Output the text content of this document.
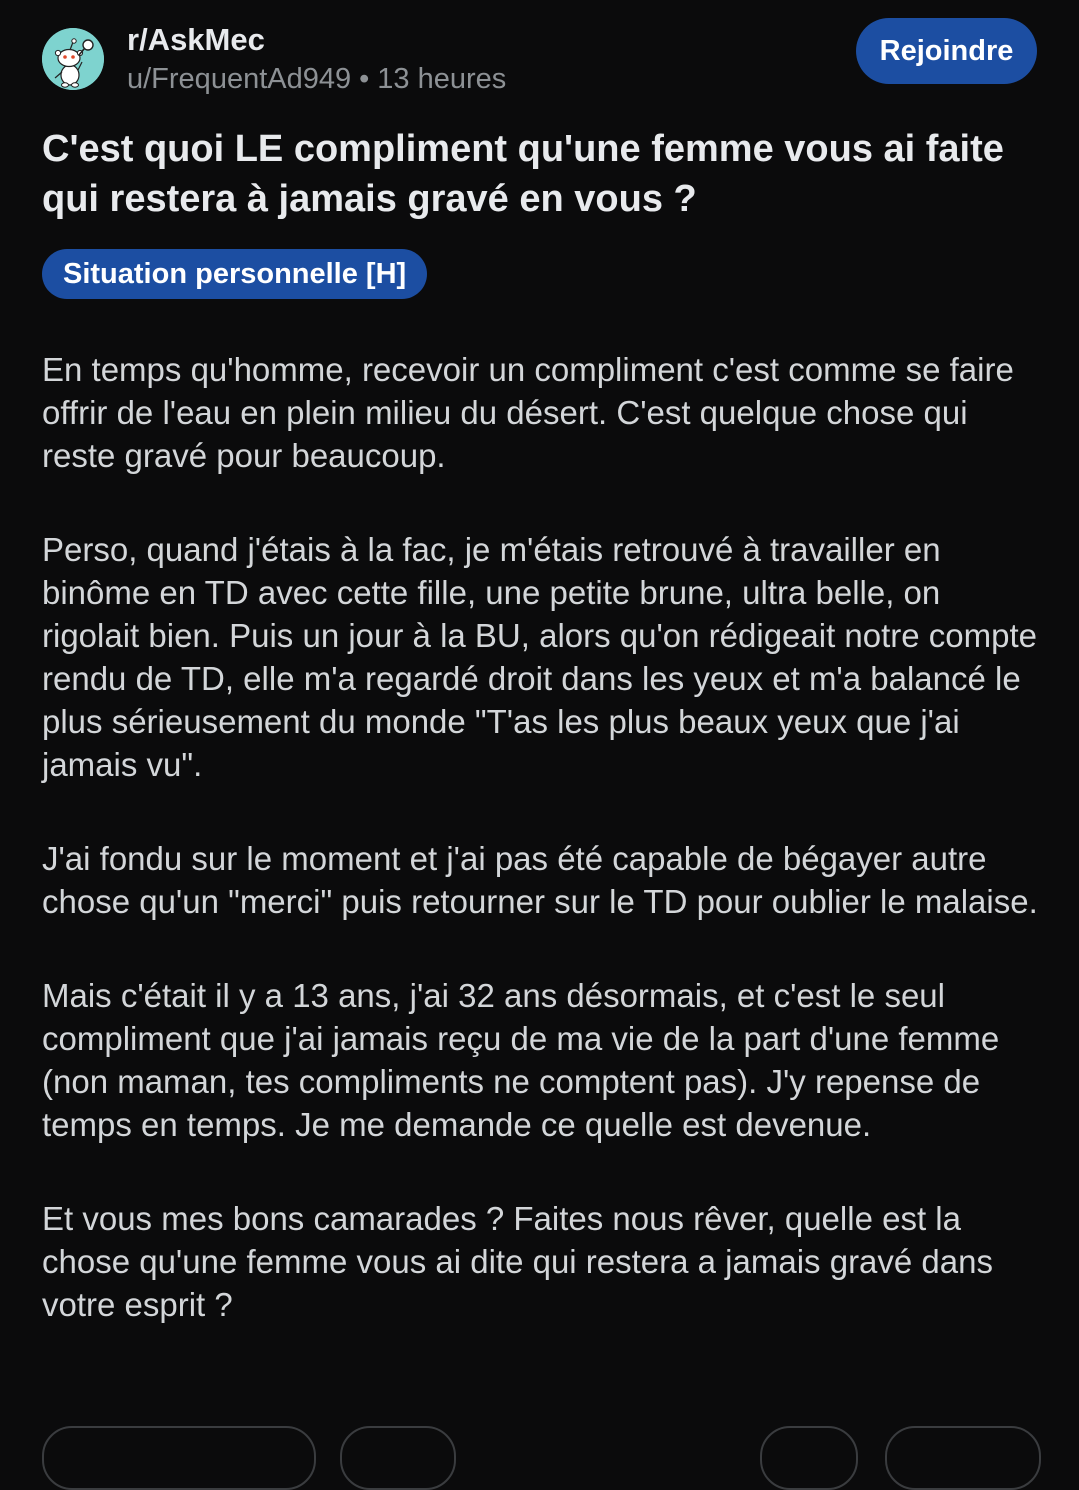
r/AskMec
u/FrequentAd949 • 13 heures
Rejoindre
C'est quoi LE compliment qu'une femme vous ai faite qui restera à jamais gravé en vous ?
Situation personnelle [H]

En temps qu'homme, recevoir un compliment c'est comme se faire offrir de l'eau en plein milieu du désert. C'est quelque chose qui reste gravé pour beaucoup.

Perso, quand j'étais à la fac, je m'étais retrouvé à travailler en binôme en TD avec cette fille, une petite brune, ultra belle, on rigolait bien. Puis un jour à la BU, alors qu'on rédigeait notre compte rendu de TD, elle m'a regardé droit dans les yeux et m'a balancé le plus sérieusement du monde "T'as les plus beaux yeux que j'ai jamais vu".

J'ai fondu sur le moment et j'ai pas été capable de bégayer autre chose qu'un "merci" puis retourner sur le TD pour oublier le malaise.

Mais c'était il y a 13 ans, j'ai 32 ans désormais, et c'est le seul compliment que j'ai jamais reçu de ma vie de la part d'une femme (non maman, tes compliments ne comptent pas). J'y repense de temps en temps. Je me demande ce quelle est devenue.

Et vous mes bons camarades ? Faites nous rêver, quelle est la chose qu'une femme vous ai dite qui restera a jamais gravé dans votre esprit ?
